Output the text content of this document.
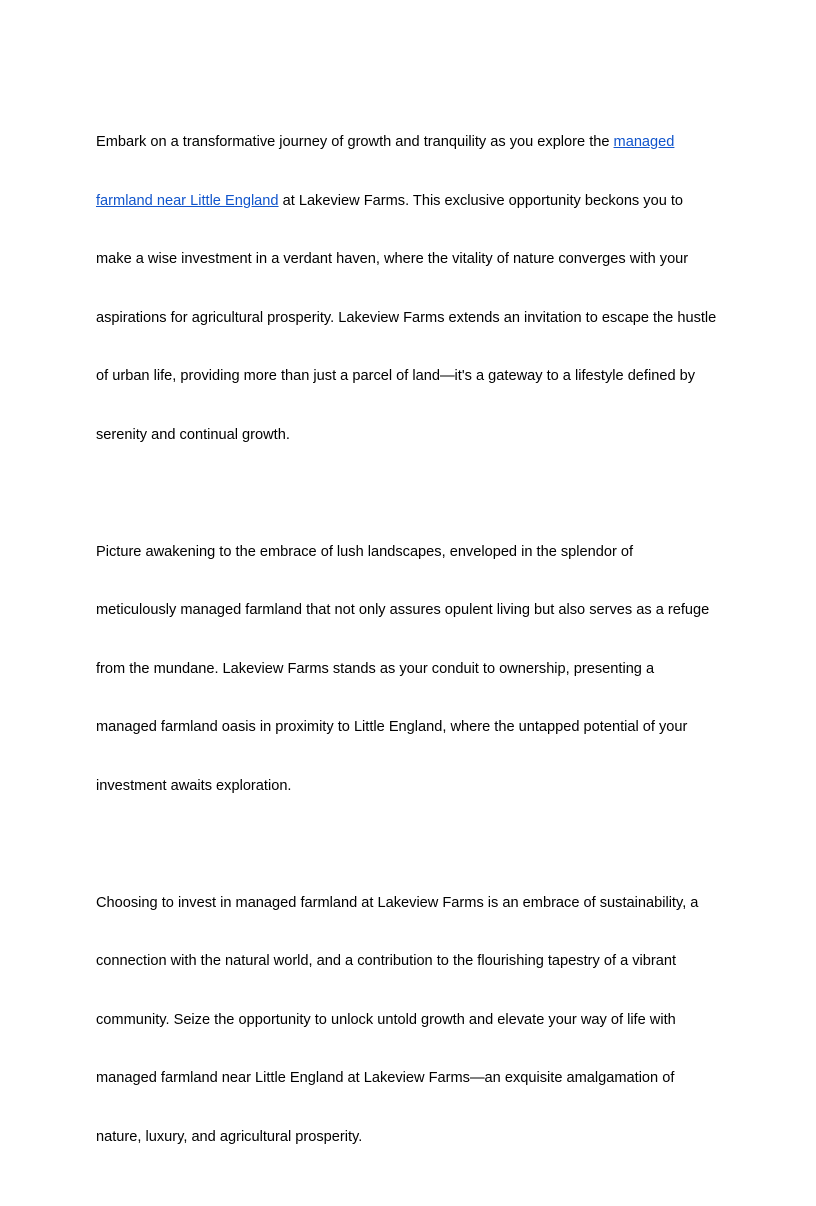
Embark on a transformative journey of growth and tranquility as you explore the managed

farmland near Little England at Lakeview Farms. This exclusive opportunity beckons you to

make a wise investment in a verdant haven, where the vitality of nature converges with your

aspirations for agricultural prosperity. Lakeview Farms extends an invitation to escape the hustle

of urban life, providing more than just a parcel of land—it's a gateway to a lifestyle defined by

serenity and continual growth.

Picture awakening to the embrace of lush landscapes, enveloped in the splendor of

meticulously managed farmland that not only assures opulent living but also serves as a refuge

from the mundane. Lakeview Farms stands as your conduit to ownership, presenting a

managed farmland oasis in proximity to Little England, where the untapped potential of your

investment awaits exploration.

Choosing to invest in managed farmland at Lakeview Farms is an embrace of sustainability, a

connection with the natural world, and a contribution to the flourishing tapestry of a vibrant

community. Seize the opportunity to unlock untold growth and elevate your way of life with

managed farmland near Little England at Lakeview Farms—an exquisite amalgamation of

nature, luxury, and agricultural prosperity.
